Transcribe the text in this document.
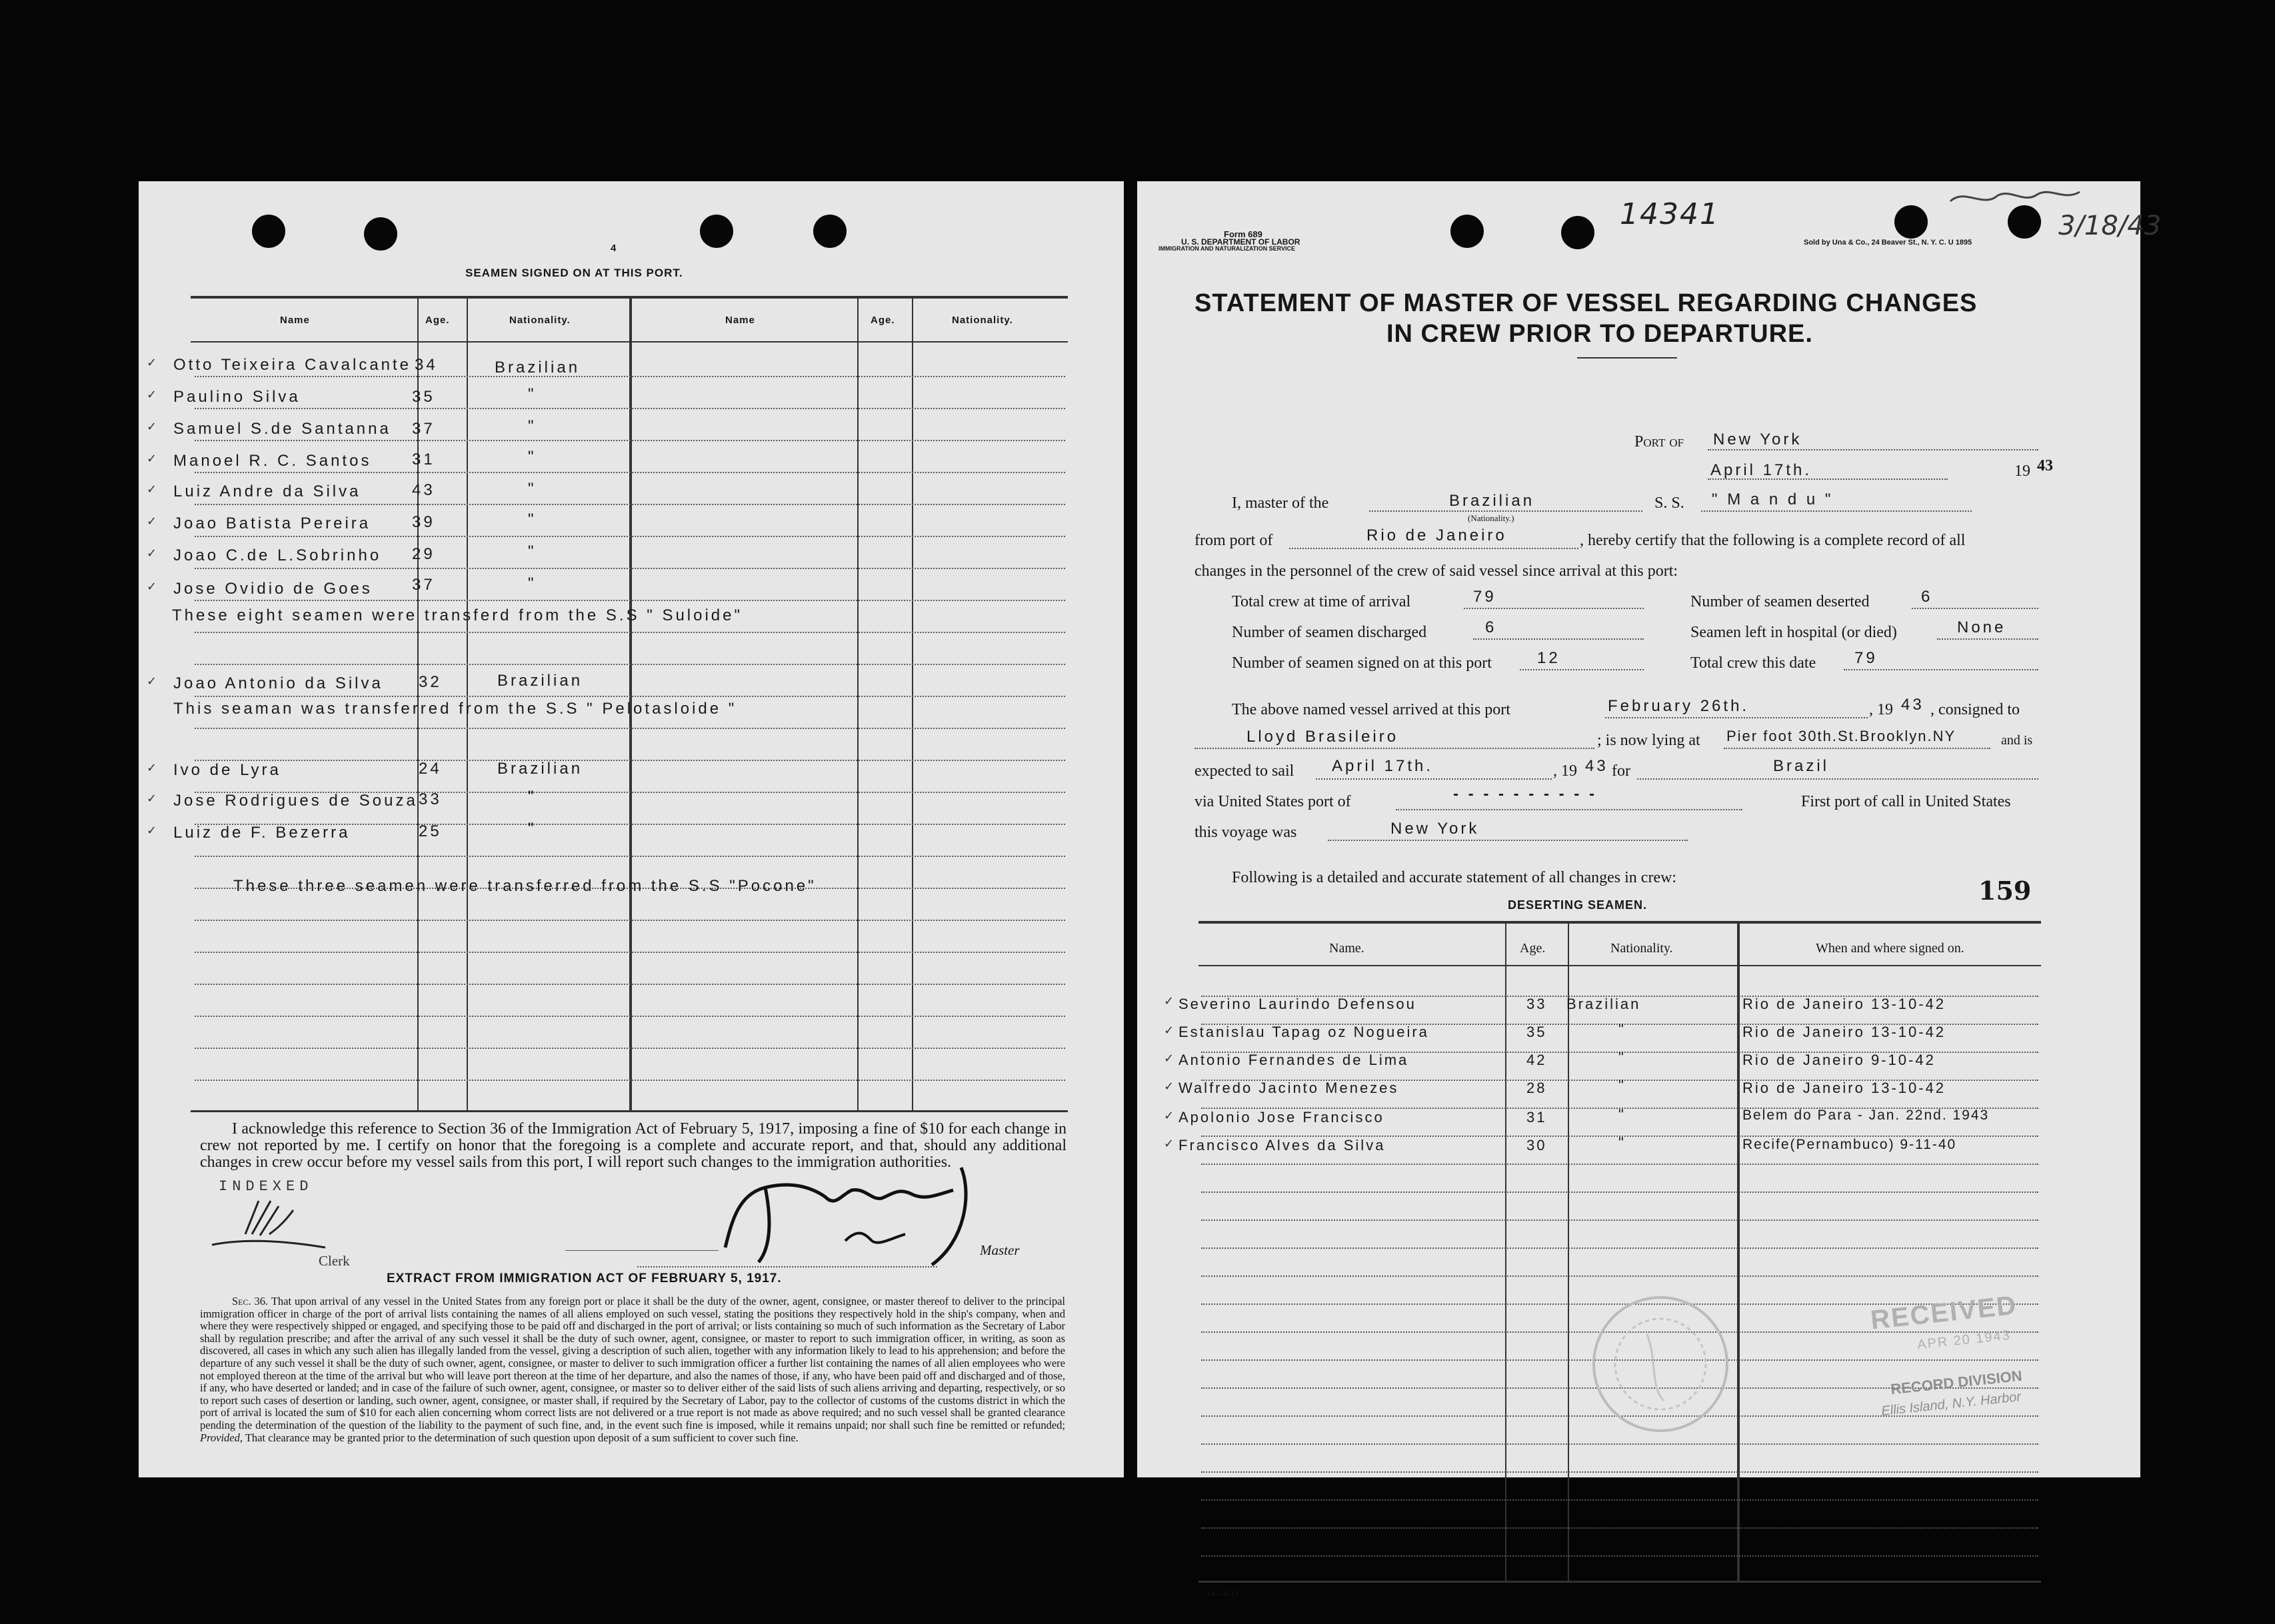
4
SEAMEN SIGNED ON AT THIS PORT.
Name	Age.	Nationality.	Name	Age.	Nationality.
✓ Otto Teixeira Cavalcante 34	Brazilian
✓ Paulino Silva	35	"
✓ Samuel S.de Santanna 37	"
✓ Manoel R. C. Santos	31	"
✓ Luiz Andre da Silva	43	"
✓ Joao Batista Pereira	39	"
✓ Joao C.de L.Sobrinho 29	"
✓ Jose Ovidio de Goes 37	"
These eight seamen were transferd from the S.S " Suloide"
✓ Joao Antonio da Silva 32	Brazilian
This seaman was transferred from the S.S " Pelotasloide "
✓ Ivo de Lyra	24	Brazilian
✓ Jose Rodrigues de Souza 33	"
✓ Luiz de F. Bezerra	25	"
These three seamen were transferred from the S.S "Pocone"
I acknowledge this reference to Section 36 of the Immigration Act of February 5, 1917, imposing a fine of $10 for each change in crew not reported by me. I certify on honor that the foregoing is a complete and accurate report, and that, should any additional changes in crew occur before my vessel sails from this port, I will report such changes to the immigration authorities.
INDEXED
Clerk
Master
EXTRACT FROM IMMIGRATION ACT OF FEBRUARY 5, 1917.
Sec. 36. That upon arrival of any vessel in the United States from any foreign port or place it shall be the duty of the owner, agent, consignee, or master thereof to deliver to the principal immigration officer in charge of the port of arrival lists containing the names of all aliens employed on such vessel, stating the positions they respectively hold in the ship's company, when and where they were respectively shipped or engaged, and specifying those to be paid off and discharged in the port of arrival; or lists containing so much of such information as the Secretary of Labor shall by regulation prescribe; and after the arrival of any such vessel it shall be the duty of such owner, agent, consignee, or master to report to such immigration officer, in writing, as soon as discovered, all cases in which any such alien has illegally landed from the vessel, giving a description of such alien, together with any information likely to lead to his apprehension; and before the departure of any such vessel it shall be the duty of such owner, agent, consignee, or master to deliver to such immigration officer a further list containing the names of all alien employees who were not employed thereon at the time of the arrival but who will leave port thereon at the time of her departure, and also the names of those, if any, who have been paid off and discharged and of those, if any, who have deserted or landed; and in case of the failure of such owner, agent, consignee, or master so to deliver either of the said lists of such aliens arriving and departing, respectively, or so to report such cases of desertion or landing, such owner, agent, consignee, or master shall, if required by the Secretary of Labor, pay to the collector of customs of the customs district in which the port of arrival is located the sum of $10 for each alien concerning whom correct lists are not delivered or a true report is not made as above required; and no such vessel shall be granted clearance pending the determination of the question of the liability to the payment of such fine, and, in the event such fine is imposed, while it remains unpaid; nor shall such fine be remitted or refunded; Provided, That clearance may be granted prior to the determination of such question upon deposit of a sum sufficient to cover such fine.
14341	3/18/43
Form 689
U. S. DEPARTMENT OF LABOR
IMMIGRATION AND NATURALIZATION SERVICE
Sold by Una & Co., 24 Beaver St., N. Y. C. U 1895
STATEMENT OF MASTER OF VESSEL REGARDING CHANGES
IN CREW PRIOR TO DEPARTURE.
Port of New York
April 17th.	19 43
I, master of the	Brazilian
(Nationality.)
S. S. " M a n d u "
from port of	Rio de Janeiro	, hereby certify that the following is a complete record of all
changes in the personnel of the crew of said vessel since arrival at this port:
Total crew at time of arrival	79	Number of seamen deserted	6
Number of seamen discharged	6	Seamen left in hospital (or died)	None
Number of seamen signed on at this port	12	Total crew this date 79
The above named vessel arrived at this port	February 26th.	, 19 43 , consigned to
Lloyd Brasileiro	; is now lying at Pier foot 30th.St.Brooklyn.NY	and is
expected to sail April 17th.	, 19 43 for	Brazil
via United States port of	- - - - - - - - - -	First port of call in United States
this voyage was	New York
Following is a detailed and accurate statement of all changes in crew:	159
DESERTING SEAMEN.
Name.	Age.	Nationality.	When and where signed on.
✓ Severino Laurindo Defensou	33 Brazilian	Rio de Janeiro 13-10-42
✓ Estanislau Tapag oz Nogueira	35	"	Rio de Janeiro 13-10-42
✓ Antonio Fernandes de Lima	42	"	Rio de Janeiro 9-10-42
✓ Walfredo Jacinto Menezes	28	"	Rio de Janeiro 13-10-42
✓ Apolonio Jose Francisco	31	"	Belem do Para - Jan. 22nd. 1943
✓ Francisco Alves da Silva	30	"	Recife(Pernambuco) 9-11-40
14—1613
RECEIVED
APR 20 1943
RECORD DIVISION
Ellis Island, N.Y. Harbor
